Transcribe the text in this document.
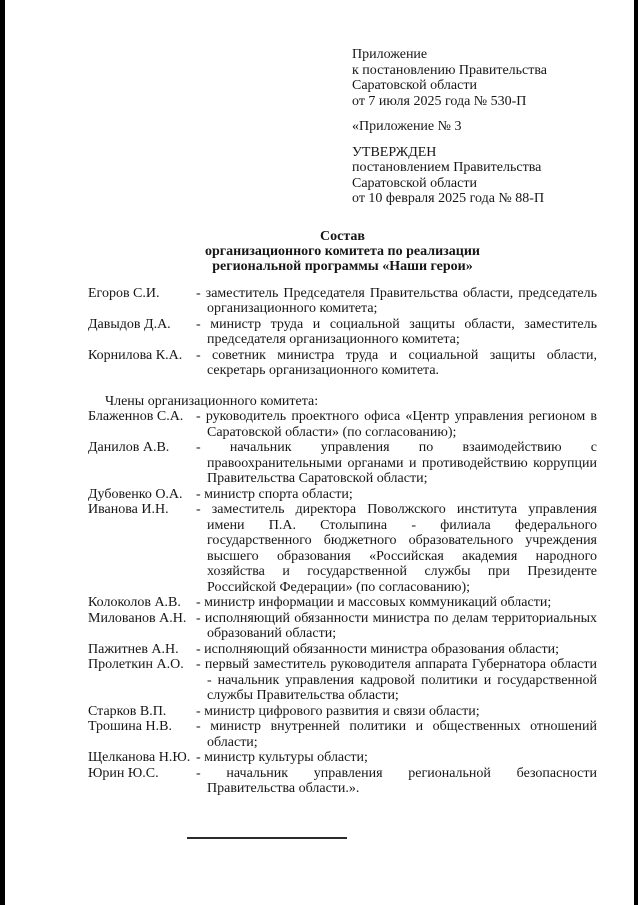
Приложение
к постановлению Правительства
Саратовской области
от 7 июля 2025 года № 530-П
«Приложение № 3
УТВЕРЖДЕН
постановлением Правительства
Саратовской области
от 10 февраля 2025 года № 88-П
Состав
организационного комитета по реализации
региональной программы «Наши герои»
Егоров С.И.	- заместитель Председателя Правительства области, председатель организационного комитета;
Давыдов Д.А.	- министр труда и социальной защиты области, заместитель председателя организационного комитета;
Корнилова К.А. - советник министра труда и социальной защиты области, секретарь организационного комитета.
Члены организационного комитета:
Блаженнов С.А. - руководитель проектного офиса «Центр управления регионом в Саратовской области» (по согласованию);
Данилов А.В.	- начальник управления по взаимодействию с правоохранительными органами и противодействию коррупции Правительства Саратовской области;
Дубовенко О.А. - министр спорта области;
Иванова И.Н.	- заместитель директора Поволжского института управления имени П.А. Столыпина - филиала федерального государственного бюджетного образовательного учреждения высшего образования «Российская академия народного хозяйства и государственной службы при Президенте Российской Федерации» (по согласованию);
Колоколов А.В.	- министр информации и массовых коммуникаций области;
Милованов А.Н. - исполняющий обязанности министра по делам территориальных образований области;
Пажитнев А.Н.	- исполняющий обязанности министра образования области;
Пролеткин А.О. - первый заместитель руководителя аппарата Губернатора области - начальник управления кадровой политики и государственной службы Правительства области;
Старков В.П.	- министр цифрового развития и связи области;
Трошина Н.В.	- министр внутренней политики и общественных отношений области;
Щелканова Н.Ю. - министр культуры области;
Юрин Ю.С.	- начальник управления региональной безопасности Правительства области.».
